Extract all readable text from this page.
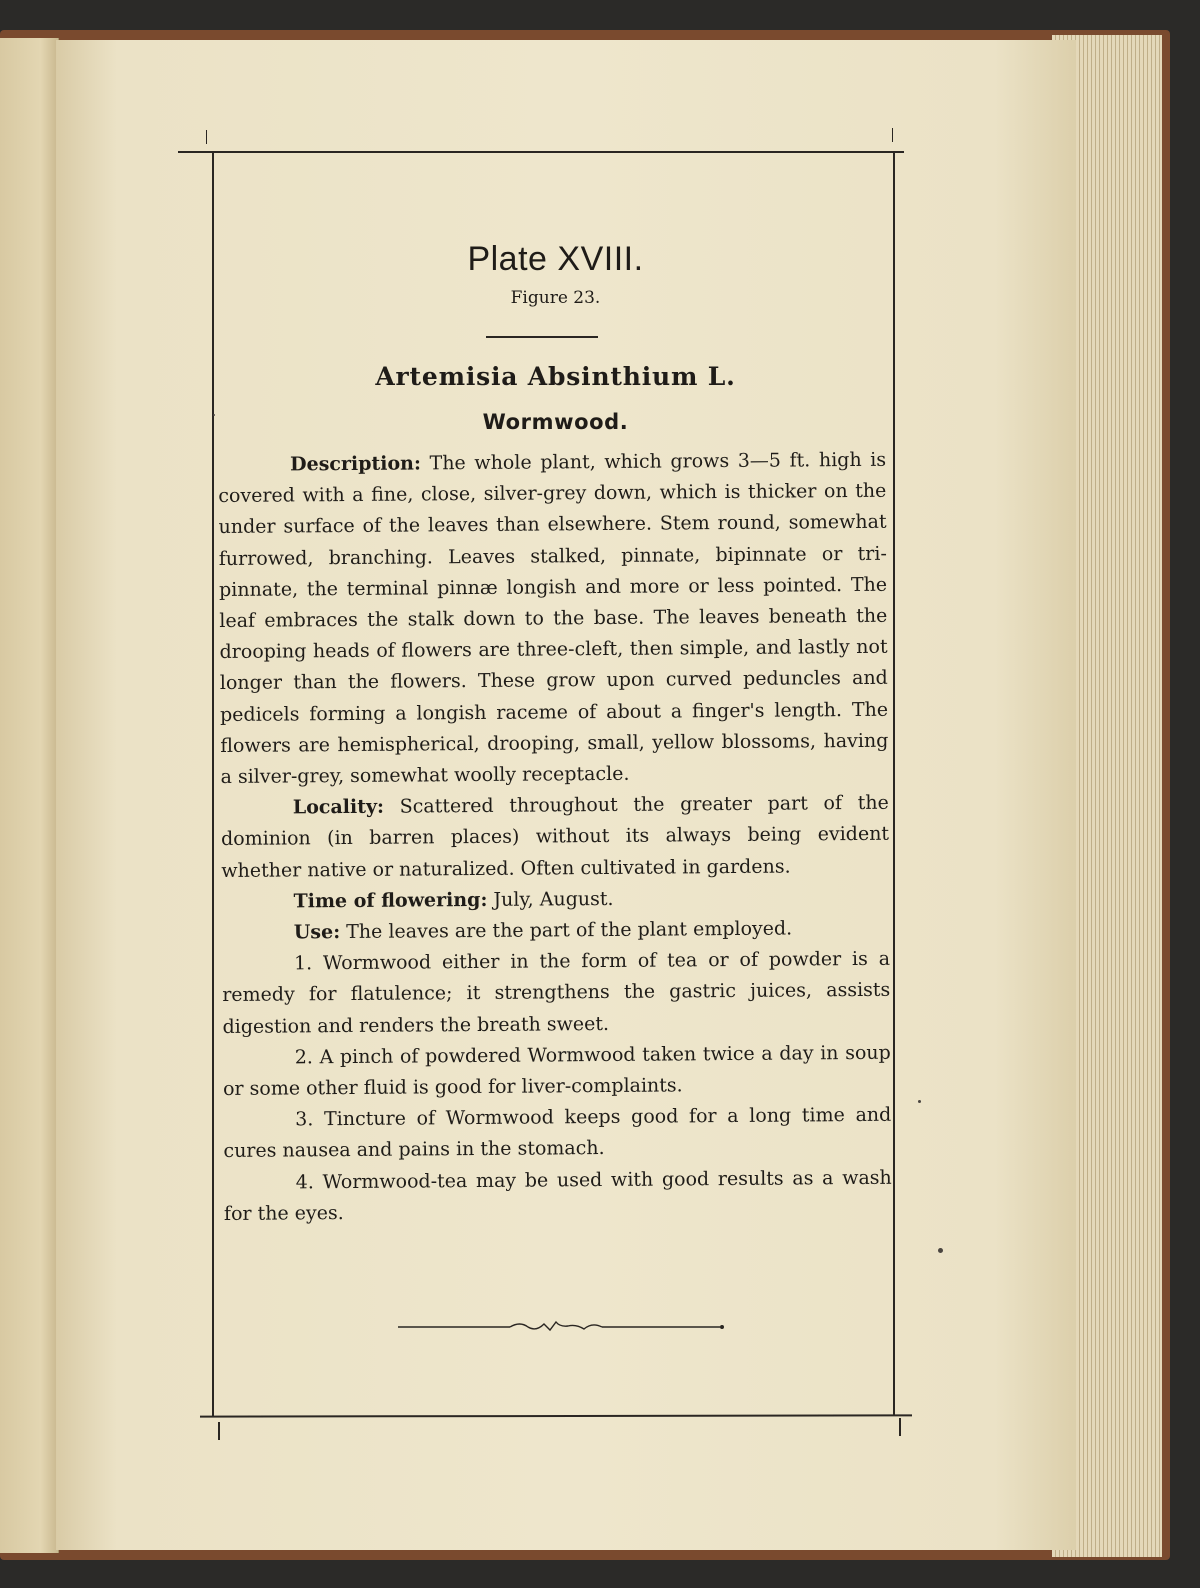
Plate XVIII.
Figure 23.
Artemisia Absinthium L.
Wormwood.

Description: The whole plant, which grows 3—5 ft. high is covered with a fine, close, silver-grey down, which is thicker on the under surface of the leaves than elsewhere. Stem round, somewhat furrowed, branching. Leaves stalked, pinnate, bipinnate or tri-pinnate, the terminal pinnæ longish and more or less pointed. The leaf embraces the stalk down to the base. The leaves beneath the drooping heads of flowers are three-cleft, then simple, and lastly not longer than the flowers. These grow upon curved peduncles and pedicels forming a longish raceme of about a finger's length. The flowers are hemispherical, drooping, small, yellow blossoms, having a silver-grey, somewhat woolly receptacle.

Locality: Scattered throughout the greater part of the dominion (in barren places) without its always being evident whether native or naturalized. Often cultivated in gardens.

Time of flowering: July, August.

Use: The leaves are the part of the plant employed.

1. Wormwood either in the form of tea or of powder is a remedy for flatulence; it strengthens the gastric juices, assists digestion and renders the breath sweet.

2. A pinch of powdered Wormwood taken twice a day in soup or some other fluid is good for liver-complaints.

3. Tincture of Wormwood keeps good for a long time and cures nausea and pains in the stomach.

4. Wormwood-tea may be used with good results as a wash for the eyes.
